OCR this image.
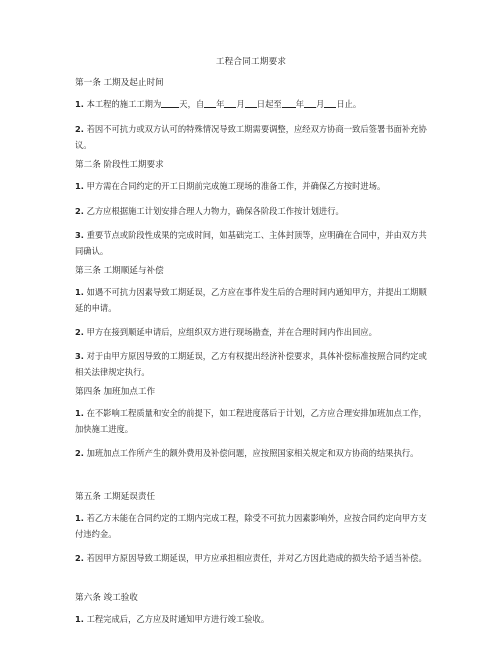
工程合同工期要求

第一条 工期及起止时间

1. 本工程的施工工期为 天，自 年 月 日起至 年 月 日止。

2. 若因不可抗力或双方认可的特殊情况导致工期需要调整，应经双方协商一致后签署书面补充协议。

第二条 阶段性工期要求

1. 甲方需在合同约定的开工日期前完成施工现场的准备工作，并确保乙方按时进场。

2. 乙方应根据施工计划安排合理人力物力，确保各阶段工作按计划进行。

3. 重要节点或阶段性成果的完成时间，如基础完工、主体封顶等，应明确在合同中，并由双方共同确认。

第三条 工期顺延与补偿

1. 如遇不可抗力因素导致工期延误，乙方应在事件发生后的合理时间内通知甲方，并提出工期顺延的申请。

2. 甲方在接到顺延申请后，应组织双方进行现场勘查，并在合理时间内作出回应。

3. 对于由甲方原因导致的工期延误，乙方有权提出经济补偿要求，具体补偿标准按照合同约定或相关法律规定执行。

第四条 加班加点工作

1. 在不影响工程质量和安全的前提下，如工程进度落后于计划，乙方应合理安排加班加点工作，加快施工进度。

2. 加班加点工作所产生的额外费用及补偿问题，应按照国家相关规定和双方协商的结果执行。

第五条 工期延误责任

1. 若乙方未能在合同约定的工期内完成工程，除受不可抗力因素影响外，应按合同约定向甲方支付违约金。

2. 若因甲方原因导致工期延误，甲方应承担相应责任，并对乙方因此造成的损失给予适当补偿。

第六条 竣工验收

1. 工程完成后，乙方应及时通知甲方进行竣工验收。
